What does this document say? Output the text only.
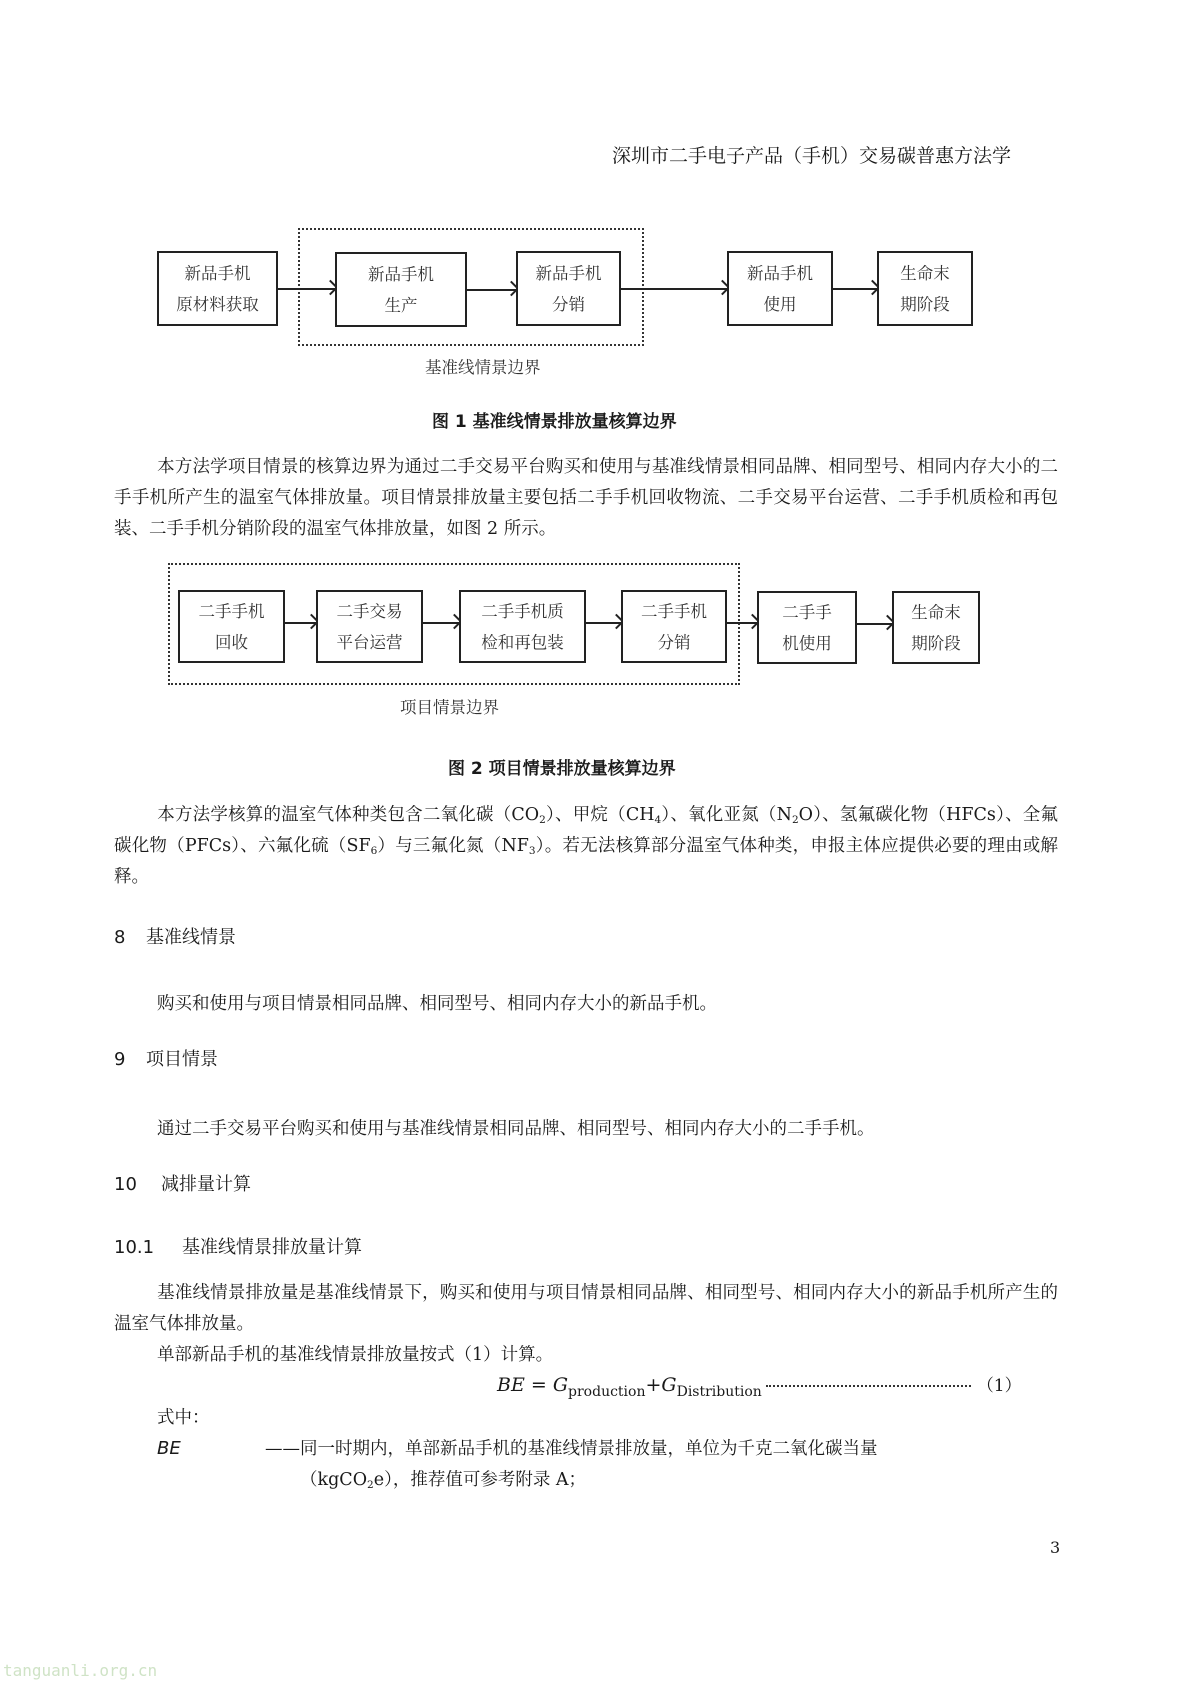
深圳市二手电子产品（手机）交易碳普惠方法学
新品手机
原材料获取
新品手机
生产
新品手机
分销
新品手机
使用
生命末
期阶段
基准线情景边界
图 1 基准线情景排放量核算边界
本方法学项目情景的核算边界为通过二手交易平台购买和使用与基准线情景相同品牌、相同型号、相同内存大小的二手手机所产生的温室气体排放量。项目情景排放量主要包括二手手机回收物流、二手交易平台运营、二手手机质检和再包装、二手手机分销阶段的温室气体排放量，如图 2 所示。
二手手机
回收
二手交易
平台运营
二手手机质
检和再包装
二手手机
分销
二手手
机使用
生命末
期阶段
项目情景边界
图 2 项目情景排放量核算边界
本方法学核算的温室气体种类包含二氧化碳$(CO_2)$、甲烷$(CH_4)$、氧化亚氮$(N_2O)$、氢氟碳化物（HFCs）、全氟碳化物（PFCs）、六氟化硫$(SF_6)$与三氟化氮$(NF_3)$。若无法核算部分温室气体种类，申报主体应提供必要的理由或解释。
8 基准线情景
购买和使用与项目情景相同品牌、相同型号、相同内存大小的新品手机。
9 项目情景
通过二手交易平台购买和使用与基准线情景相同品牌、相同型号、相同内存大小的二手手机。
10 减排量计算
10.1 基准线情景排放量计算
基准线情景排放量是基准线情景下，购买和使用与项目情景相同品牌、相同型号、相同内存大小的新品手机所产生的温室气体排放量。
单部新品手机的基准线情景排放量按式（1）计算。
BE = $G_{production}+G_{Distribution}$	（1）
式中：
BE	——同一时期内，单部新品手机的基准线情景排放量，单位为千克二氧化碳当量
（kgCO$_2$e），推荐值可参考附录 A；
3
tanguanli.org.cn
